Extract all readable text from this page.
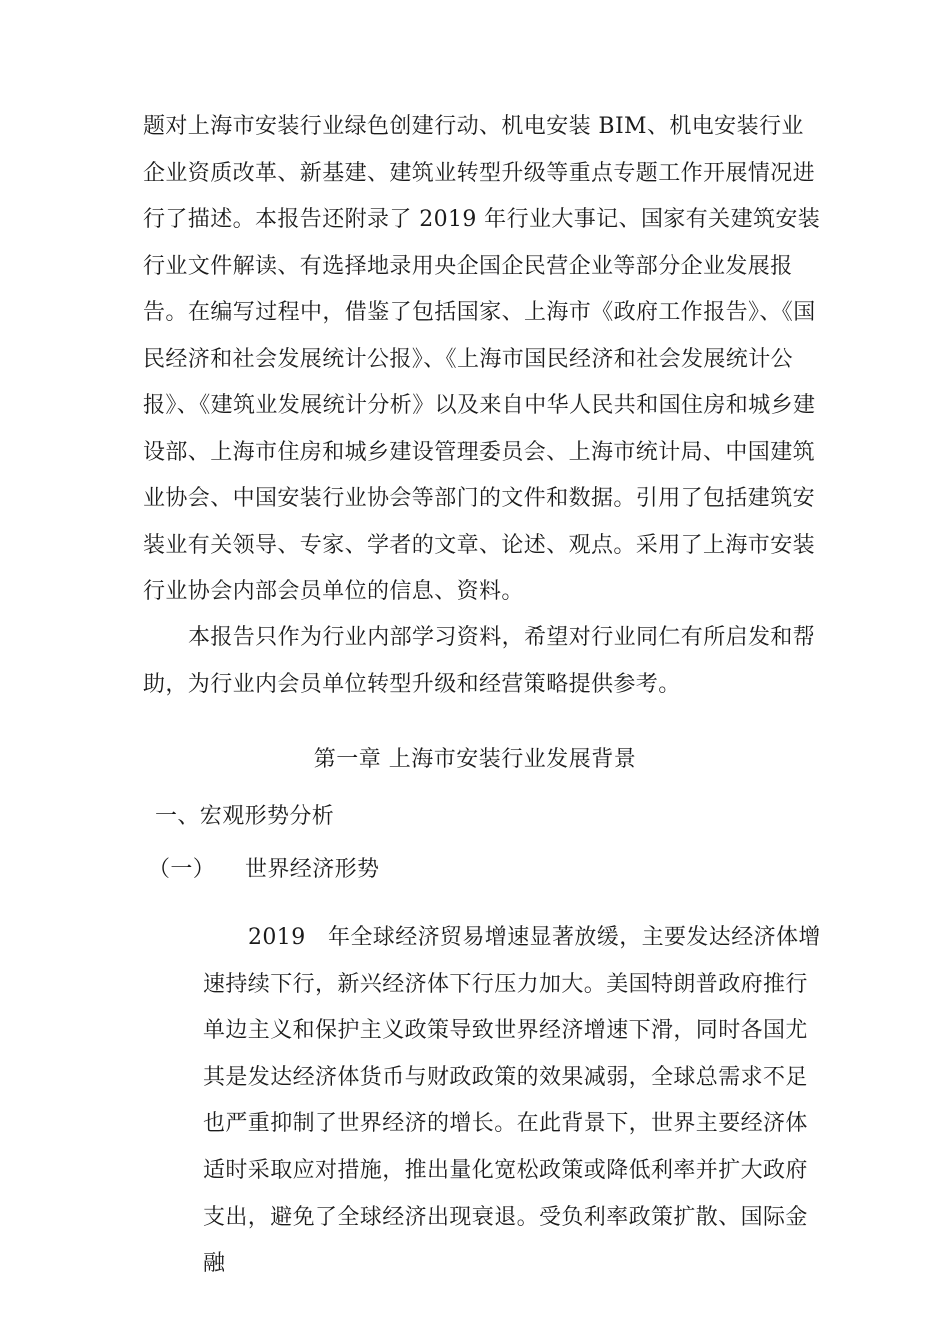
题对上海市安装行业绿色创建行动、机电安装 BIM、机电安装行业企业资质改革、新基建、建筑业转型升级等重点专题工作开展情况进行了描述。本报告还附录了 2019 年行业大事记、国家有关建筑安装行业文件解读、有选择地录用央企国企民营企业等部分企业发展报告。 在编写过程中，借鉴了包括国家、上海市《政府工作报告》、《国民经济和社会发展统计公报》、《上海市国民经济和社会发展统计公报》、《建筑业发展统计分析》以及来自中华人民共和国住房和城乡建设部、上海市住房和城乡建设管理委员会、上海市统计局、中国建筑业协会、中国安装行业协会等部门的文件和数据。引用了包括建筑安装业有关领导、专家、学者的文章、论述、观点。采用了上海市安装行业协会内部会员单位的信息、资料。

本报告只作为行业内部学习资料，希望对行业同仁有所启发和帮助，为行业内会员单位转型升级和经营策略提供参考。

第一章 上海市安装行业发展背景
一、宏观形势分析
（一） 世界经济形势

2019　年全球经济贸易增速显著放缓，主要发达经济体增速持续下行，新兴经济体下行压力加大。美国特朗普政府推行单边主义和保护主义政策导致世界经济增速下滑，同时各国尤其是发达经济体货币与财政政策的效果减弱，全球总需求不足也严重抑制了世界经济的增长。在此背景下，世界主要经济体适时采取应对措施，推出量化宽松政策或降低利率并扩大政府支出，避免了全球经济出现衰退。受负利率政策扩散、国际金融
